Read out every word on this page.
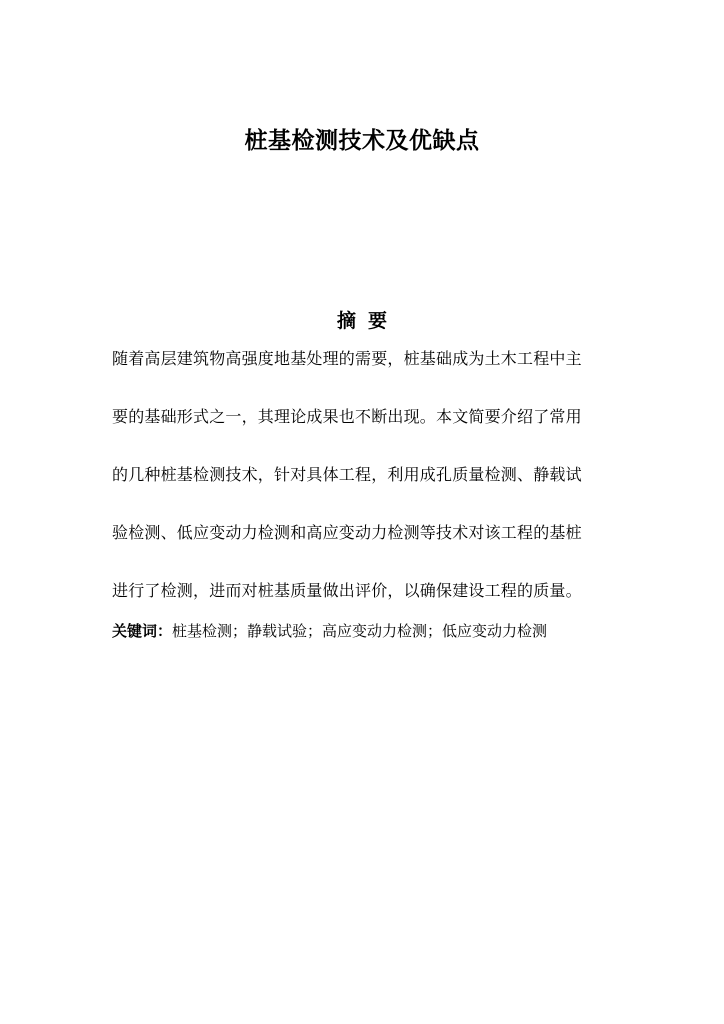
桩基检测技术及优缺点
摘要
随着高层建筑物高强度地基处理的需要，桩基础成为土木工程中主
要的基础形式之一，其理论成果也不断出现。本文简要介绍了常用
的几种桩基检测技术，针对具体工程，利用成孔质量检测、静载试
验检测、低应变动力检测和高应变动力检测等技术对该工程的基桩
进行了检测，进而对桩基质量做出评价，以确保建设工程的质量。
关键词：桩基检测；静载试验；高应变动力检测；低应变动力检测
